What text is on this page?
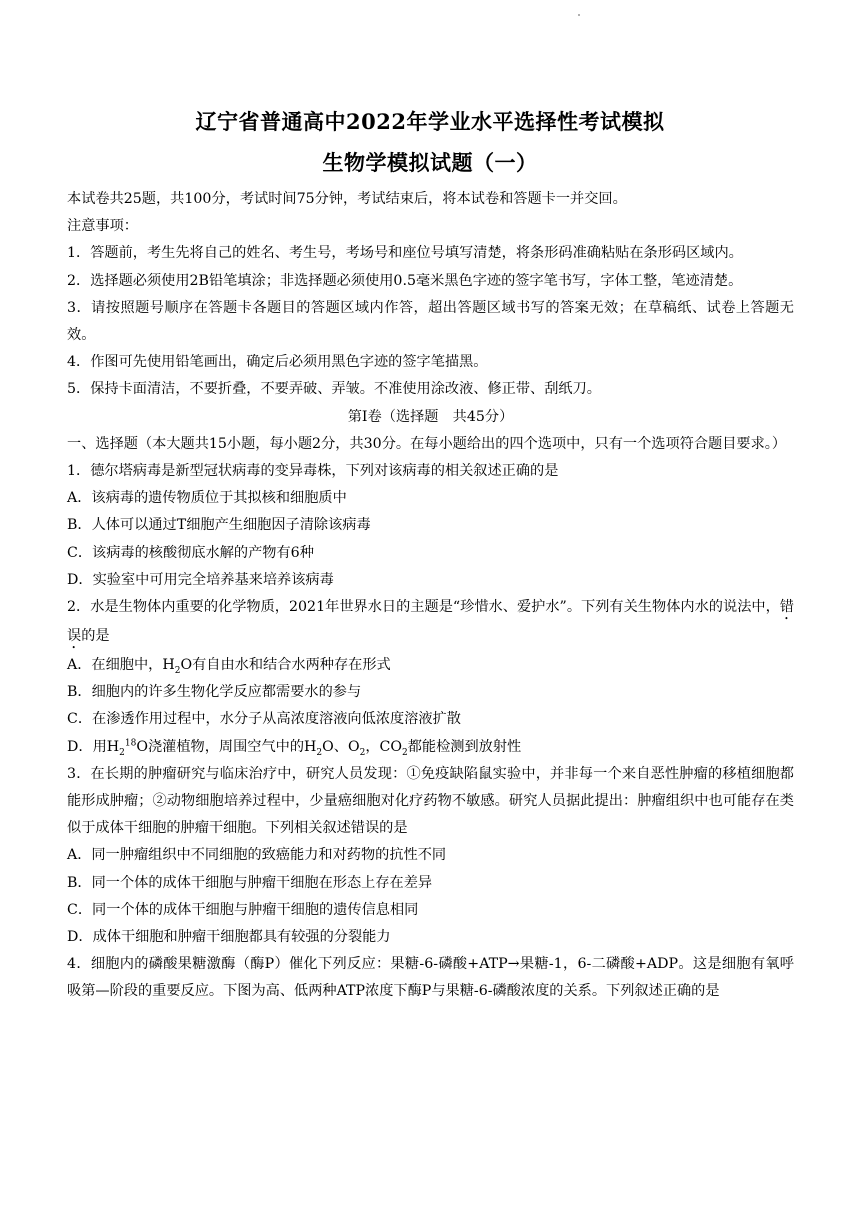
辽宁省普通高中2022年学业水平选择性考试模拟
生物学模拟试题（一）

本试卷共25题，共100分，考试时间75分钟，考试结束后，将本试卷和答题卡一并交回。

注意事项：

1．答题前，考生先将自己的姓名、考生号，考场号和座位号填写清楚，将条形码准确粘贴在条形码区域内。

2．选择题必须使用2B铅笔填涂；非选择题必须使用0.5毫米黑色字迹的签字笔书写，字体工整，笔迹清楚。

3．请按照题号顺序在答题卡各题目的答题区域内作答，超出答题区域书写的答案无效；在草稿纸、试卷上答题无效。

4．作图可先使用铅笔画出，确定后必须用黑色字迹的签字笔描黑。

5．保持卡面清洁，不要折叠，不要弄破、弄皱。不准使用涂改液、修正带、刮纸刀。

第Ⅰ卷（选择题　共45分）

一、选择题（本大题共15小题，每小题2分，共30分。在每小题给出的四个选项中，只有一个选项符合题目要求。）

1．德尔塔病毒是新型冠状病毒的变异毒株，下列对该病毒的相关叙述正确的是

A．该病毒的遗传物质位于其拟核和细胞质中

B．人体可以通过T细胞产生细胞因子清除该病毒

C．该病毒的核酸彻底水解的产物有6种

D．实验室中可用完全培养基来培养该病毒

2．水是生物体内重要的化学物质，2021年世界水日的主题是“珍惜水、爱护水”。下列有关生物体内水的说法中，错误的是

A．在细胞中，$H_2O$有自由水和结合水两种存在形式

B．细胞内的许多生物化学反应都需要水的参与

C．在渗透作用过程中，水分子从高浓度溶液向低浓度溶液扩散

D．用$H_2^{18}O$浇灌植物，周围空气中的$H_2O$、$O_2$，$CO_2$都能检测到放射性

3．在长期的肿瘤研究与临床治疗中，研究人员发现：①免疫缺陷鼠实验中，并非每一个来自恶性肿瘤的移植细胞都能形成肿瘤；②动物细胞培养过程中，少量癌细胞对化疗药物不敏感。研究人员据此提出：肿瘤组织中也可能存在类似于成体干细胞的肿瘤干细胞。下列相关叙述错误的是

A．同一肿瘤组织中不同细胞的致癌能力和对药物的抗性不同

B．同一个体的成体干细胞与肿瘤干细胞在形态上存在差异

C．同一个体的成体干细胞与肿瘤干细胞的遗传信息相同

D．成体干细胞和肿瘤干细胞都具有较强的分裂能力

4．细胞内的磷酸果糖激酶（酶P）催化下列反应：果糖-6-磷酸+ATP→果糖-1，6-二磷酸+ADP。这是细胞有氧呼吸第—阶段的重要反应。下图为高、低两种ATP浓度下酶P与果糖-6-磷酸浓度的关系。下列叙述正确的是
